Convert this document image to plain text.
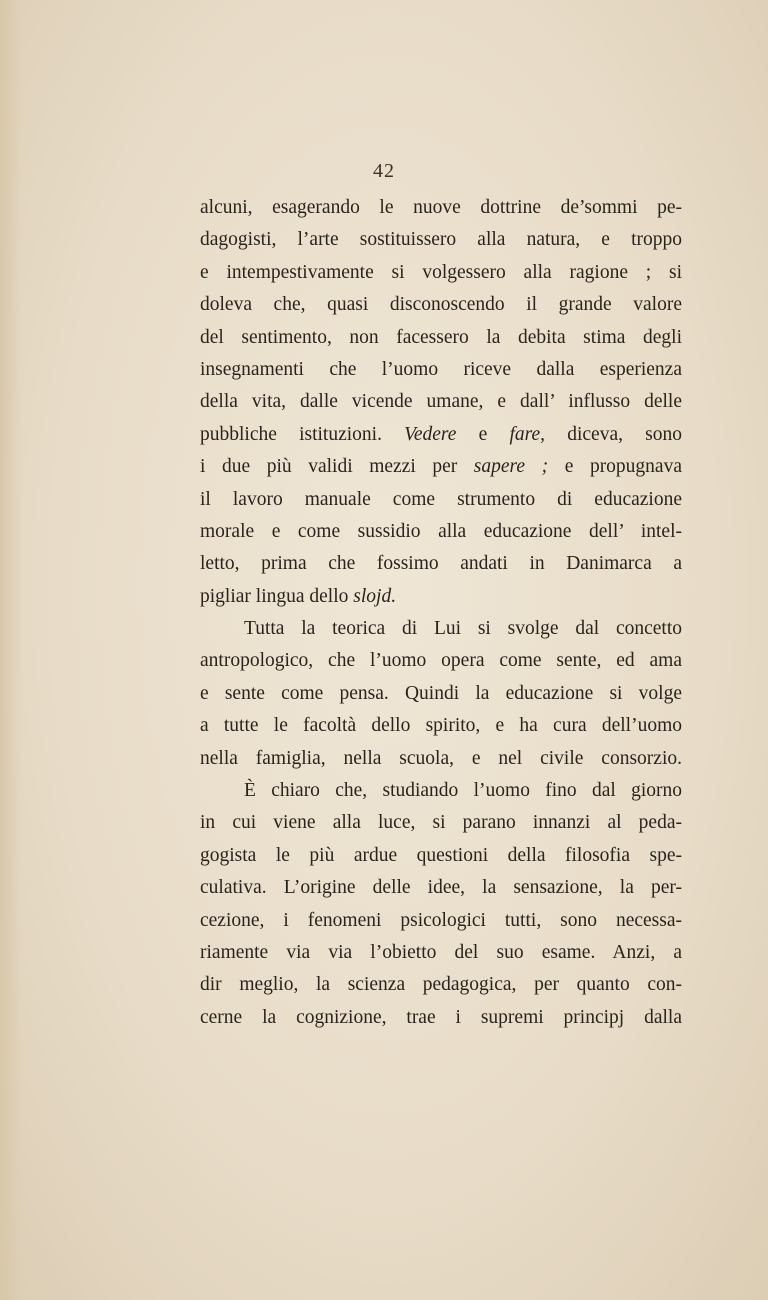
42
alcuni, esagerando le nuove dottrine de’sommi pe-
dagogisti, l’arte sostituissero alla natura, e troppo
e intempestivamente si volgessero alla ragione ; si
doleva che, quasi disconoscendo il grande valore
del sentimento, non facessero la debita stima degli
insegnamenti che l’uomo riceve dalla esperienza
della vita, dalle vicende umane, e dall’ influsso delle
pubbliche istituzioni. Vedere e fare, diceva, sono
i due più validi mezzi per sapere ; e propugnava
il lavoro manuale come strumento di educazione
morale e come sussidio alla educazione dell’ intel-
letto, prima che fossimo andati in Danimarca a
pigliar lingua dello slojd.
Tutta la teorica di Lui si svolge dal concetto
antropologico, che l’uomo opera come sente, ed ama
e sente come pensa. Quindi la educazione si volge
a tutte le facoltà dello spirito, e ha cura dell’uomo
nella famiglia, nella scuola, e nel civile consorzio.
È chiaro che, studiando l’uomo fino dal giorno
in cui viene alla luce, si parano innanzi al peda-
gogista le più ardue questioni della filosofia spe-
culativa. L’origine delle idee, la sensazione, la per-
cezione, i fenomeni psicologici tutti, sono necessa-
riamente via via l’obietto del suo esame. Anzi, a
dir meglio, la scienza pedagogica, per quanto con-
cerne la cognizione, trae i supremi principj dalla
